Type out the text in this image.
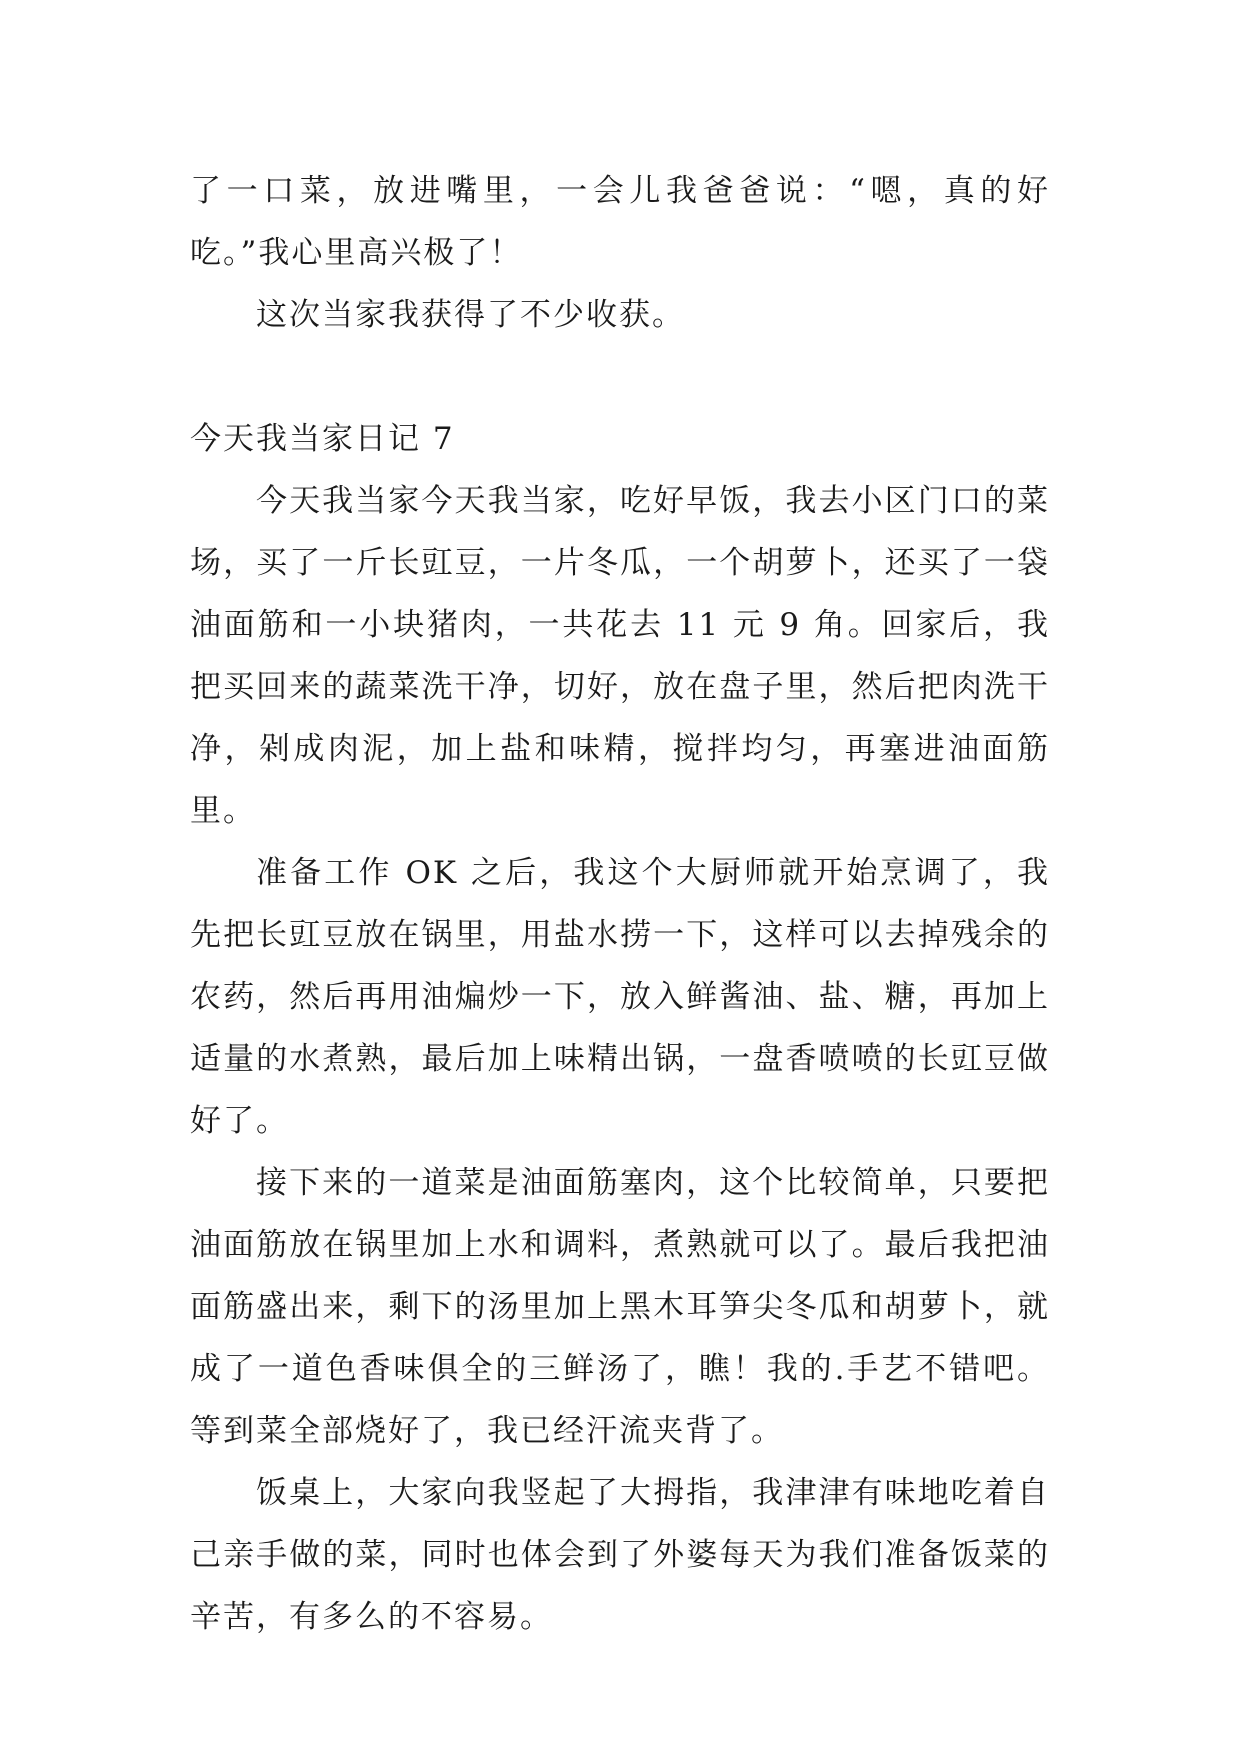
了一口菜，放进嘴里，一会儿我爸爸说：“嗯，真的好吃。”我心里高兴极了！

这次当家我获得了不少收获。

今天我当家日记 7

今天我当家今天我当家，吃好早饭，我去小区门口的菜场，买了一斤长豇豆，一片冬瓜，一个胡萝卜，还买了一袋油面筋和一小块猪肉，一共花去 11 元 9 角。回家后，我把买回来的蔬菜洗干净，切好，放在盘子里，然后把肉洗干净，剁成肉泥，加上盐和味精，搅拌均匀，再塞进油面筋里。

准备工作 OK 之后，我这个大厨师就开始烹调了，我先把长豇豆放在锅里，用盐水捞一下，这样可以去掉残余的农药，然后再用油煸炒一下，放入鲜酱油、盐、糖，再加上适量的水煮熟，最后加上味精出锅，一盘香喷喷的长豇豆做好了。

接下来的一道菜是油面筋塞肉，这个比较简单，只要把油面筋放在锅里加上水和调料，煮熟就可以了。最后我把油面筋盛出来，剩下的汤里加上黑木耳笋尖冬瓜和胡萝卜，就成了一道色香味俱全的三鲜汤了，瞧！我的.手艺不错吧。等到菜全部烧好了，我已经汗流夹背了。

饭桌上，大家向我竖起了大拇指，我津津有味地吃着自己亲手做的菜，同时也体会到了外婆每天为我们准备饭菜的辛苦，有多么的不容易。
